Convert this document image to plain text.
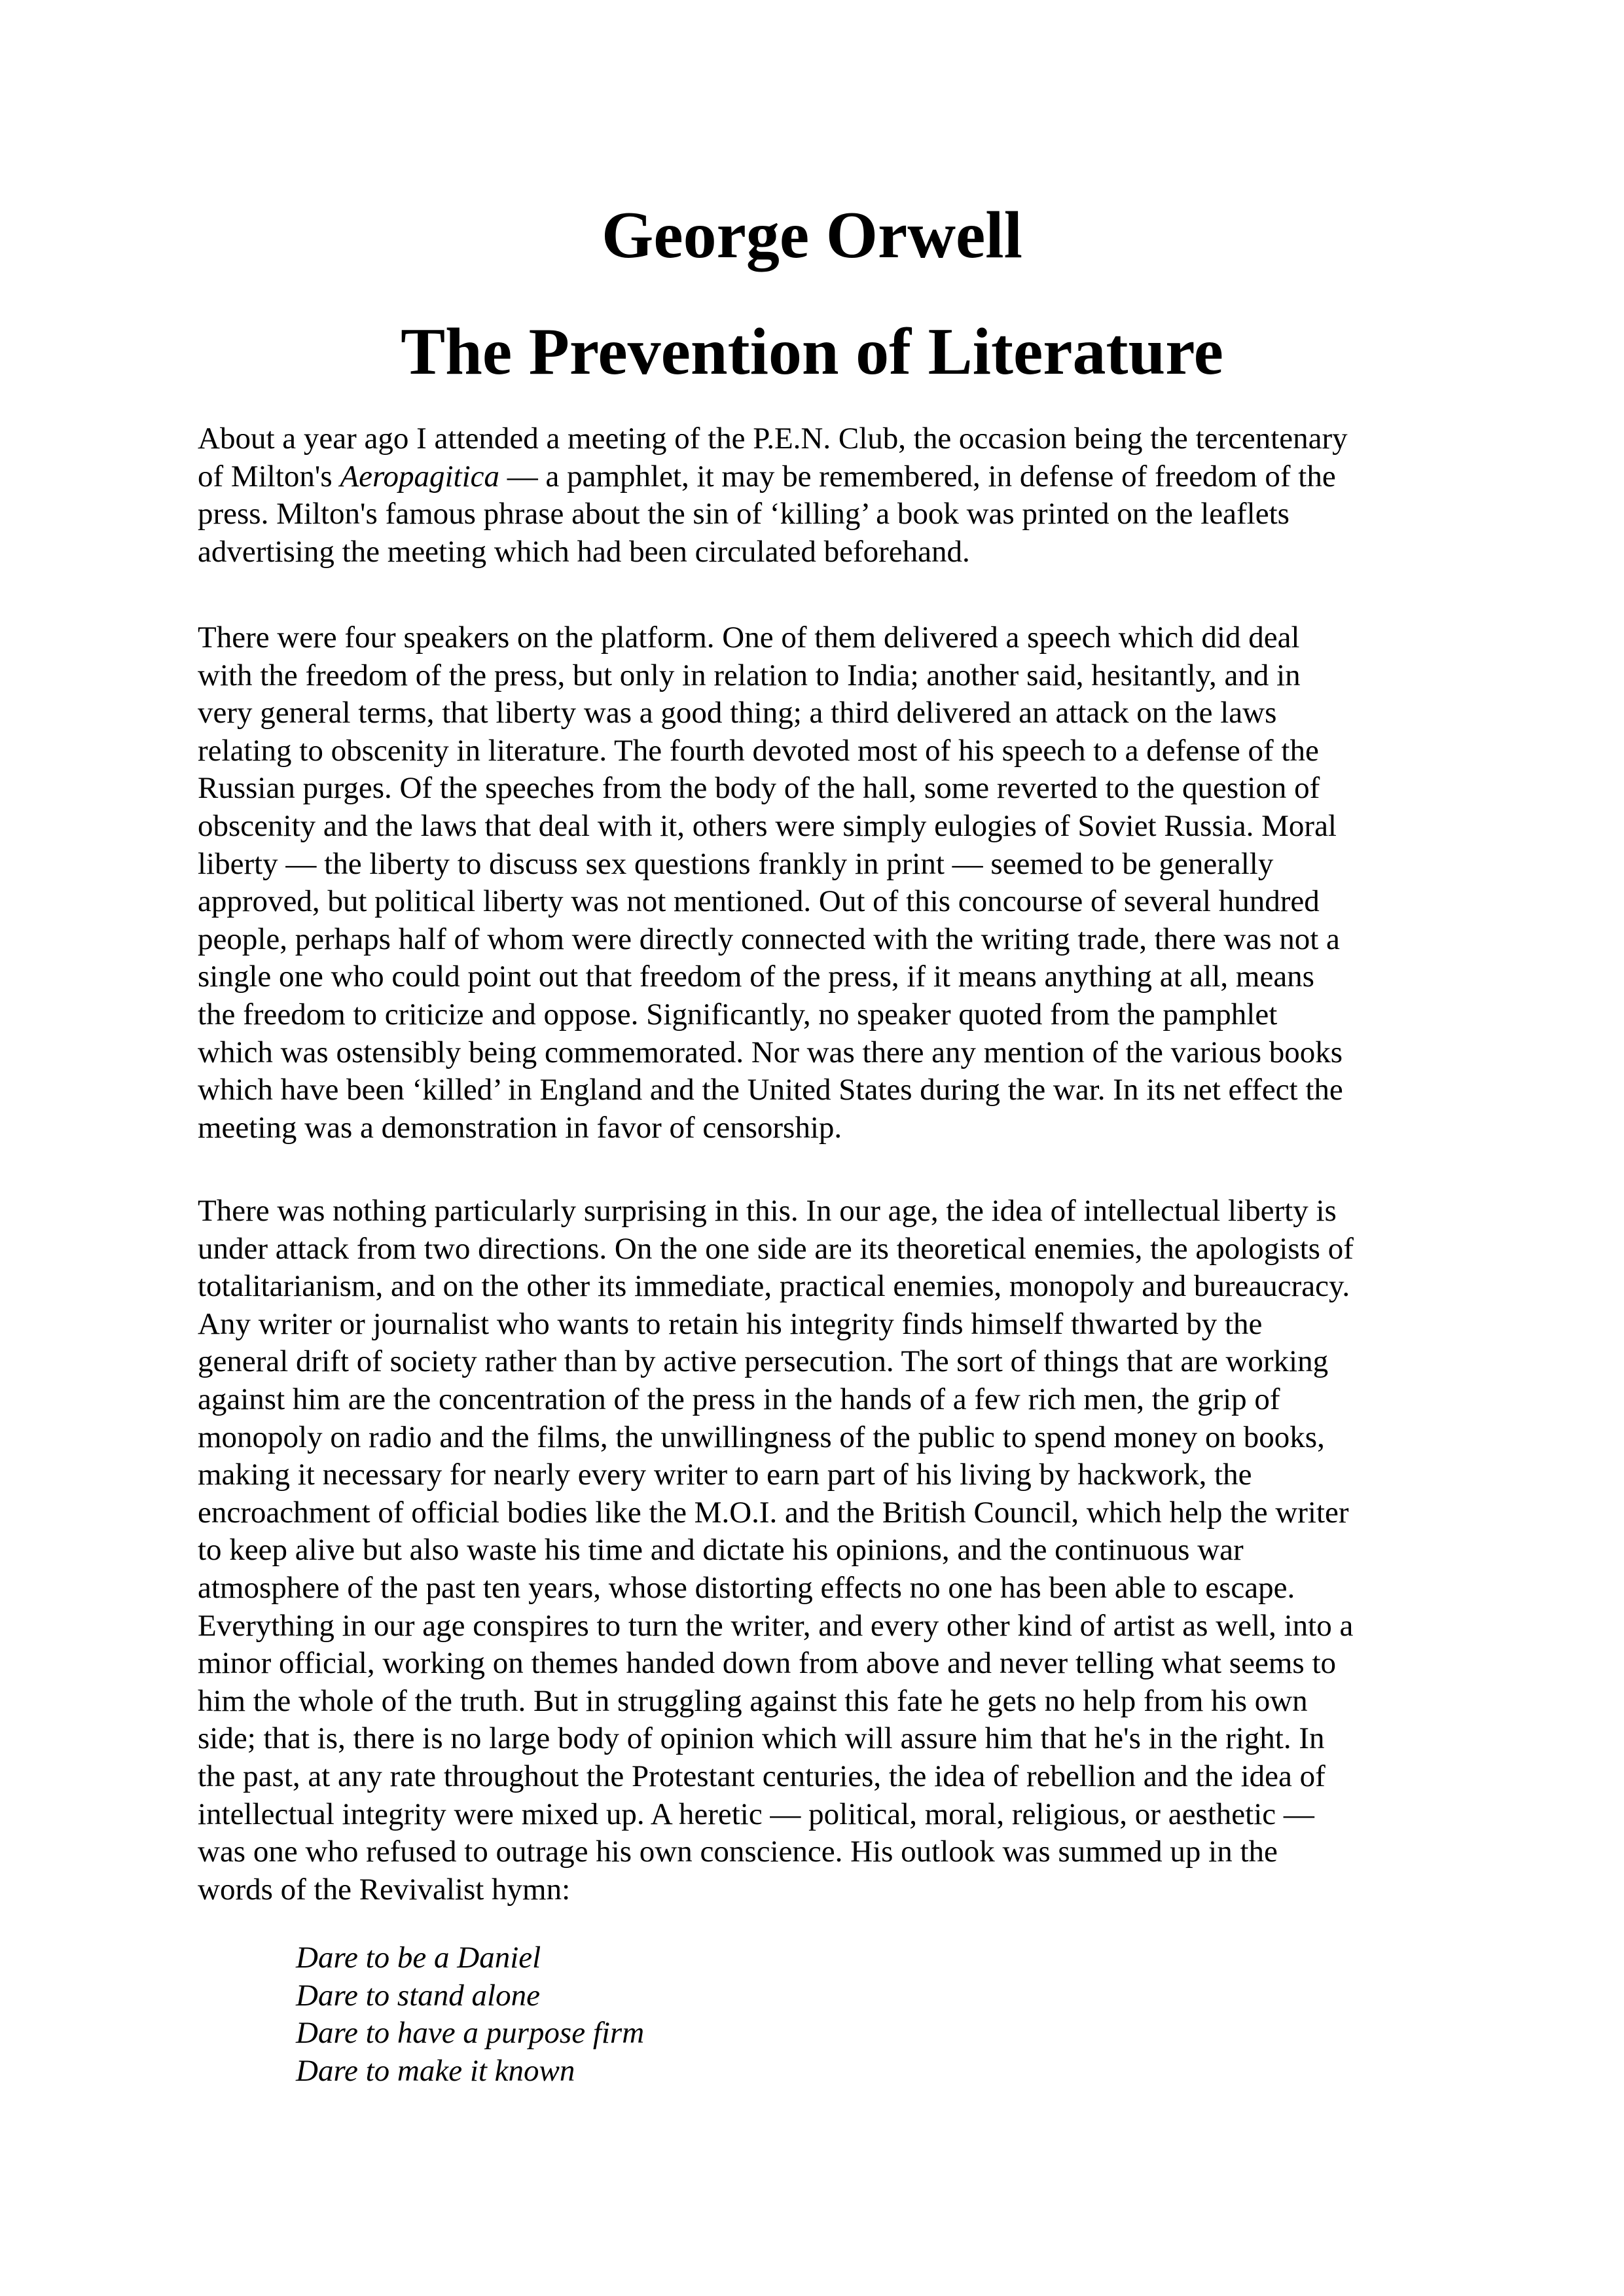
George Orwell
The Prevention of Literature
About a year ago I attended a meeting of the P.E.N. Club, the occasion being the tercentenary
of Milton's Aeropagitica — a pamphlet, it may be remembered, in defense of freedom of the
press. Milton's famous phrase about the sin of ‘killing’ a book was printed on the leaflets
advertising the meeting which had been circulated beforehand.
There were four speakers on the platform. One of them delivered a speech which did deal
with the freedom of the press, but only in relation to India; another said, hesitantly, and in
very general terms, that liberty was a good thing; a third delivered an attack on the laws
relating to obscenity in literature. The fourth devoted most of his speech to a defense of the
Russian purges. Of the speeches from the body of the hall, some reverted to the question of
obscenity and the laws that deal with it, others were simply eulogies of Soviet Russia. Moral
liberty — the liberty to discuss sex questions frankly in print — seemed to be generally
approved, but political liberty was not mentioned. Out of this concourse of several hundred
people, perhaps half of whom were directly connected with the writing trade, there was not a
single one who could point out that freedom of the press, if it means anything at all, means
the freedom to criticize and oppose. Significantly, no speaker quoted from the pamphlet
which was ostensibly being commemorated. Nor was there any mention of the various books
which have been ‘killed’ in England and the United States during the war. In its net effect the
meeting was a demonstration in favor of censorship.
There was nothing particularly surprising in this. In our age, the idea of intellectual liberty is
under attack from two directions. On the one side are its theoretical enemies, the apologists of
totalitarianism, and on the other its immediate, practical enemies, monopoly and bureaucracy.
Any writer or journalist who wants to retain his integrity finds himself thwarted by the
general drift of society rather than by active persecution. The sort of things that are working
against him are the concentration of the press in the hands of a few rich men, the grip of
monopoly on radio and the films, the unwillingness of the public to spend money on books,
making it necessary for nearly every writer to earn part of his living by hackwork, the
encroachment of official bodies like the M.O.I. and the British Council, which help the writer
to keep alive but also waste his time and dictate his opinions, and the continuous war
atmosphere of the past ten years, whose distorting effects no one has been able to escape.
Everything in our age conspires to turn the writer, and every other kind of artist as well, into a
minor official, working on themes handed down from above and never telling what seems to
him the whole of the truth. But in struggling against this fate he gets no help from his own
side; that is, there is no large body of opinion which will assure him that he's in the right. In
the past, at any rate throughout the Protestant centuries, the idea of rebellion and the idea of
intellectual integrity were mixed up. A heretic — political, moral, religious, or aesthetic —
was one who refused to outrage his own conscience. His outlook was summed up in the
words of the Revivalist hymn:
Dare to be a Daniel
Dare to stand alone
Dare to have a purpose firm
Dare to make it known
